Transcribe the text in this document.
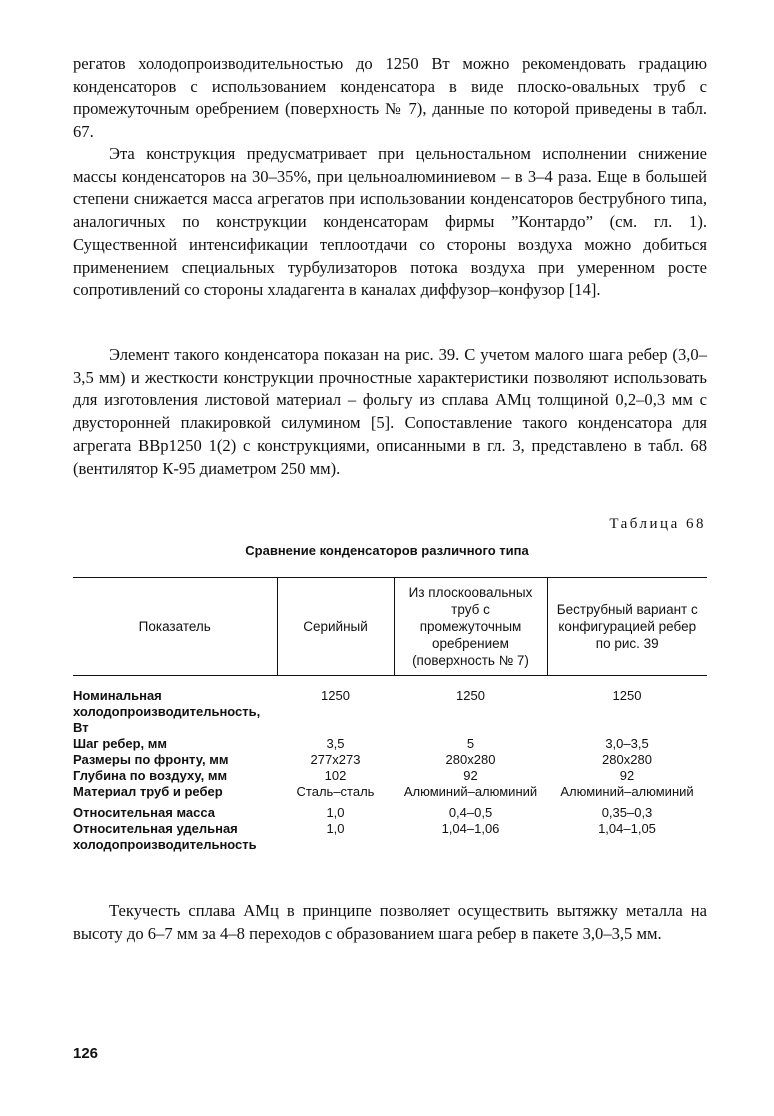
регатов холодопроизводительностью до 1250 Вт можно рекомендовать градацию конденсаторов с использованием конденсатора в виде плоско-овальных труб с промежуточным оребрением (поверхность № 7), данные по которой приведены в табл. 67.

Эта конструкция предусматривает при цельностальном исполнении снижение массы конденсаторов на 30–35%, при цельноалюминиевом – в 3–4 раза. Еще в большей степени снижается масса агрегатов при использовании конденсаторов беструбного типа, аналогичных по конструкции конденсаторам фирмы ”Контардо” (см. гл. 1). Существенной интенсификации теплоотдачи со стороны воздуха можно добиться применением специальных турбулизаторов потока воздуха при умеренном росте сопротивлений со стороны хладагента в каналах диффузор–конфузор [14].

Элемент такого конденсатора показан на рис. 39. С учетом малого шага ребер (3,0–3,5 мм) и жесткости конструкции прочностные характеристики позволяют использовать для изготовления листовой материал – фольгу из сплава АМц толщиной 0,2–0,3 мм с двусторонней плакировкой силумином [5]. Сопоставление такого конденсатора для агрегата ВВр1250 1(2) с конструкциями, описанными в гл. 3, представлено в табл. 68 (вентилятор К-95 диаметром 250 мм).

Таблица 68
Сравнение конденсаторов различного типа
Показатель	Серийный	Из плоскоовальных труб с промежуточным оребрением (поверхность № 7)	Беструбный вариант с конфигурацией ребер по рис. 39
Номинальная холодопроизводительность, Вт	1250	1250	1250
Шаг ребер, мм	3,5	5	3,0–3,5
Размеры по фронту, мм	277x273	280x280	280x280
Глубина по воздуху, мм	102	92	92
Материал труб и ребер	Сталь–сталь	Алюминий–алюминий	Алюминий–алюминий
Относительная масса	1,0	0,4–0,5	0,35–0,3
Относительная удельная холодопроизводительность	1,0	1,04–1,06	1,04–1,05

Текучесть сплава АМц в принципе позволяет осуществить вытяжку металла на высоту до 6–7 мм за 4–8 переходов с образованием шага ребер в пакете 3,0–3,5 мм.

126
